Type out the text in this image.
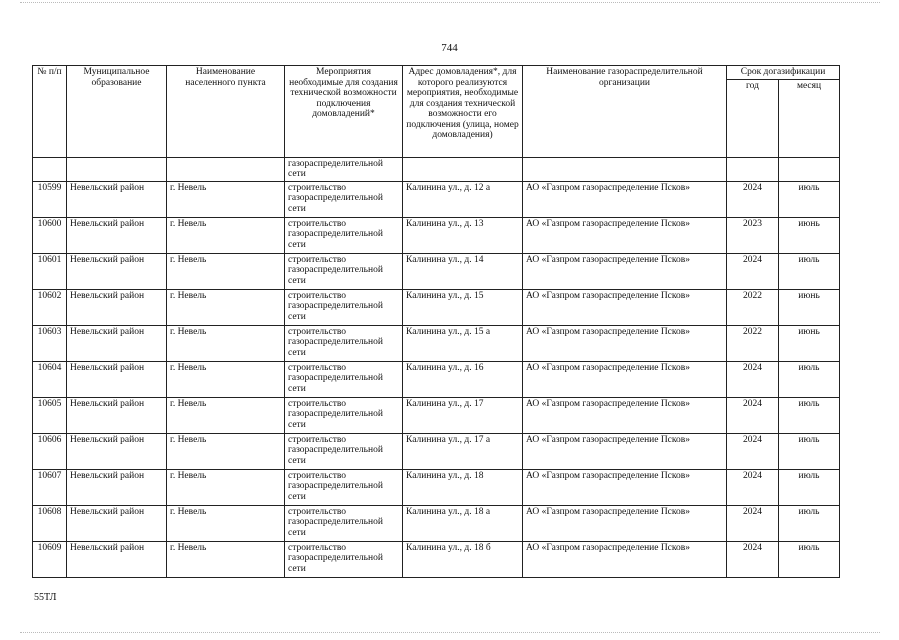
744
№ п/п	Муниципальное образование	Наименование населенного пункта	Мероприятия необходимые для создания технической возможности подключения домовладений*	Адрес домовладения*, для которого реализуются мероприятия, необходимые для создания технической возможности его подключения (улица, номер домовладения)	Наименование газораспределительной организации	Срок догазификации	
						год	месяц
			газораспределительной сети				
10599	Невельский район	г. Невель	строительство газораспределительной сети	Калинина ул., д. 12 а	АО «Газпром газораспределение Псков»	2024	июль
10600	Невельский район	г. Невель	строительство газораспределительной сети	Калинина ул., д. 13	АО «Газпром газораспределение Псков»	2023	июнь
10601	Невельский район	г. Невель	строительство газораспределительной сети	Калинина ул., д. 14	АО «Газпром газораспределение Псков»	2024	июль
10602	Невельский район	г. Невель	строительство газораспределительной сети	Калинина ул., д. 15	АО «Газпром газораспределение Псков»	2022	июнь
10603	Невельский район	г. Невель	строительство газораспределительной сети	Калинина ул., д. 15 а	АО «Газпром газораспределение Псков»	2022	июнь
10604	Невельский район	г. Невель	строительство газораспределительной сети	Калинина ул., д. 16	АО «Газпром газораспределение Псков»	2024	июль
10605	Невельский район	г. Невель	строительство газораспределительной сети	Калинина ул., д. 17	АО «Газпром газораспределение Псков»	2024	июль
10606	Невельский район	г. Невель	строительство газораспределительной сети	Калинина ул., д. 17 а	АО «Газпром газораспределение Псков»	2024	июль
10607	Невельский район	г. Невель	строительство газораспределительной сети	Калинина ул., д. 18	АО «Газпром газораспределение Псков»	2024	июль
10608	Невельский район	г. Невель	строительство газораспределительной сети	Калинина ул., д. 18 а	АО «Газпром газораспределение Псков»	2024	июль
10609	Невельский район	г. Невель	строительство газораспределительной сети	Калинина ул., д. 18 б	АО «Газпром газораспределение Псков»	2024	июль
55ТЛ
